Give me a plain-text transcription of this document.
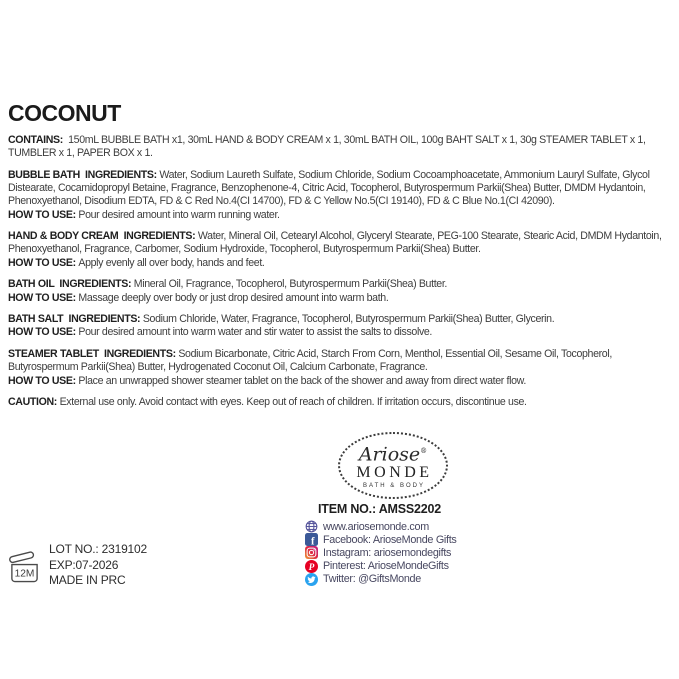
COCONUT

CONTAINS:  150mL BUBBLE BATH x1, 30mL HAND & BODY CREAM x 1, 30mL BATH OIL, 100g BAHT SALT x 1, 30g STEAMER TABLET x 1, TUMBLER x 1, PAPER BOX x 1.

BUBBLE BATH  INGREDIENTS: Water, Sodium Laureth Sulfate, Sodium Chloride, Sodium Cocoamphoacetate, Ammonium Lauryl Sulfate, Glycol Distearate, Cocamidopropyl Betaine, Fragrance, Benzophenone-4, Citric Acid, Tocopherol, Butyrospermum Parkii(Shea) Butter, DMDM Hydantoin, Phenoxyethanol, Disodium EDTA, FD & C Red No.4(CI 14700), FD & C Yellow No.5(CI 19140), FD & C Blue No.1(CI 42090).
HOW TO USE: Pour desired amount into warm running water.

HAND & BODY CREAM  INGREDIENTS: Water, Mineral Oil, Cetearyl Alcohol, Glyceryl Stearate, PEG-100 Stearate, Stearic Acid, DMDM Hydantoin, Phenoxyethanol, Fragrance, Carbomer, Sodium Hydroxide, Tocopherol, Butyrospermum Parkii(Shea) Butter.
HOW TO USE: Apply evenly all over body, hands and feet.

BATH OIL  INGREDIENTS: Mineral Oil, Fragrance, Tocopherol, Butyrospermum Parkii(Shea) Butter.
HOW TO USE: Massage deeply over body or just drop desired amount into warm bath.

BATH SALT  INGREDIENTS: Sodium Chloride, Water, Fragrance, Tocopherol, Butyrospermum Parkii(Shea) Butter, Glycerin.
HOW TO USE: Pour desired amount into warm water and stir water to assist the salts to dissolve.

STEAMER TABLET  INGREDIENTS: Sodium Bicarbonate, Citric Acid, Starch From Corn, Menthol, Essential Oil, Sesame Oil, Tocopherol, Butyrospermum Parkii(Shea) Butter, Hydrogenated Coconut Oil, Calcium Carbonate, Fragrance.
HOW TO USE: Place an unwrapped shower steamer tablet on the back of the shower and away from direct water flow.

CAUTION: External use only. Avoid contact with eyes. Keep out of reach of children. If irritation occurs, discontinue use.

Ariose®
MONDE
BATH & BODY
ITEM NO.: AMSS2202
www.ariosemonde.com
f Facebook: ArioseMonde Gifts
Instagram: ariosemondegifts
P Pinterest: ArioseMondeGifts
Twitter: @GiftsMonde
12M
LOT NO.: 2319102
EXP:07-2026
MADE IN PRC
